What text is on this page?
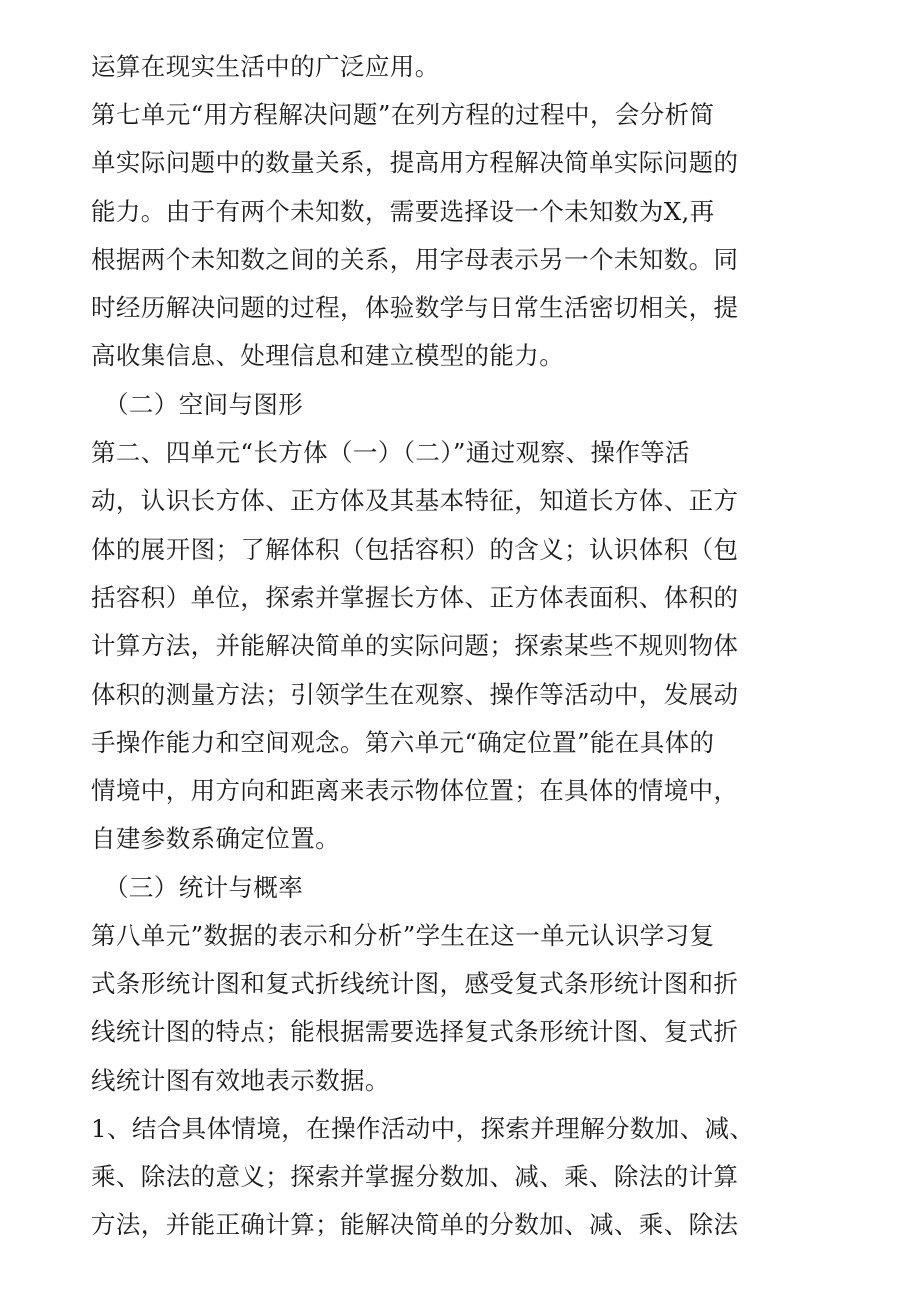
运算在现实生活中的广泛应用。

第七单元“用方程解决问题”在列方程的过程中，会分析简

单实际问题中的数量关系，提高用方程解决简单实际问题的

能力。由于有两个未知数，需要选择设一个未知数为X,再

根据两个未知数之间的关系，用字母表示另一个未知数。同

时经历解决问题的过程，体验数学与日常生活密切相关，提

高收集信息、处理信息和建立模型的能力。

（二）空间与图形

第二、四单元“长方体（一）（二）”通过观察、操作等活

动，认识长方体、正方体及其基本特征，知道长方体、正方

体的展开图；了解体积（包括容积）的含义；认识体积（包

括容积）单位，探索并掌握长方体、正方体表面积、体积的

计算方法，并能解决简单的实际问题；探索某些不规则物体

体积的测量方法；引领学生在观察、操作等活动中，发展动

手操作能力和空间观念。第六单元“确定位置”能在具体的

情境中，用方向和距离来表示物体位置；在具体的情境中，

自建参数系确定位置。

（三）统计与概率

第八单元”数据的表示和分析”学生在这一单元认识学习复

式条形统计图和复式折线统计图，感受复式条形统计图和折

线统计图的特点；能根据需要选择复式条形统计图、复式折

线统计图有效地表示数据。

1、结合具体情境，在操作活动中，探索并理解分数加、减、

乘、除法的意义；探索并掌握分数加、减、乘、除法的计算

方法，并能正确计算；能解决简单的分数加、减、乘、除法
